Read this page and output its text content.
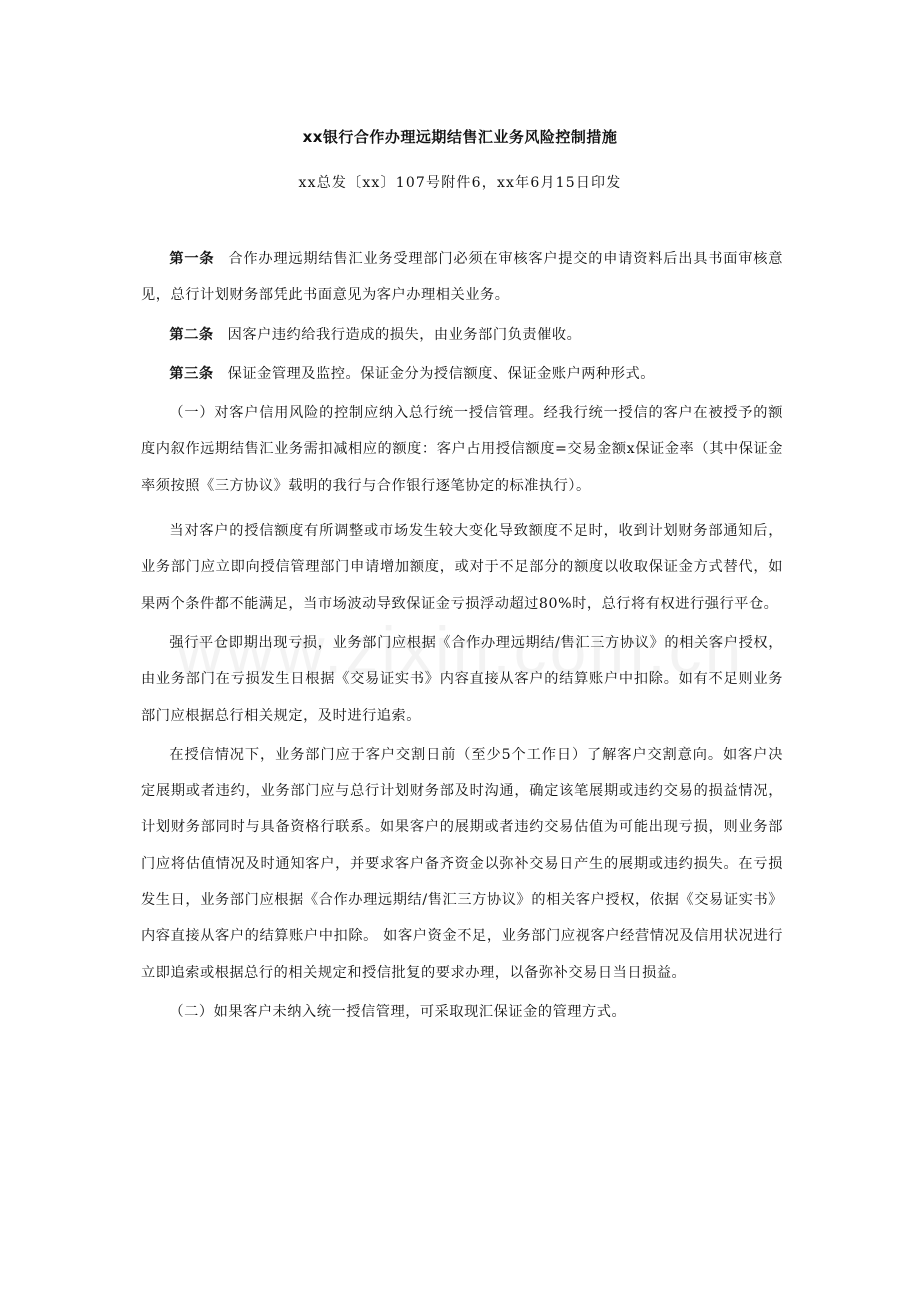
xx银行合作办理远期结售汇业务风险控制措施
xx总发〔xx〕107号附件6，xx年6月15日印发

第一条 合作办理远期结售汇业务受理部门必须在审核客户提交的申请资料后出具书面审核意见，总行计划财务部凭此书面意见为客户办理相关业务。

第二条 因客户违约给我行造成的损失，由业务部门负责催收。

第三条 保证金管理及监控。保证金分为授信额度、保证金账户两种形式。

（一）对客户信用风险的控制应纳入总行统一授信管理。经我行统一授信的客户在被授予的额度内叙作远期结售汇业务需扣减相应的额度：客户占用授信额度=交易金额x保证金率（其中保证金率须按照《三方协议》载明的我行与合作银行逐笔协定的标准执行）。

当对客户的授信额度有所调整或市场发生较大变化导致额度不足时，收到计划财务部通知后，业务部门应立即向授信管理部门申请增加额度，或对于不足部分的额度以收取保证金方式替代，如果两个条件都不能满足，当市场波动导致保证金亏损浮动超过80%时，总行将有权进行强行平仓。

强行平仓即期出现亏损，业务部门应根据《合作办理远期结/售汇三方协议》的相关客户授权，由业务部门在亏损发生日根据《交易证实书》内容直接从客户的结算账户中扣除。如有不足则业务部门应根据总行相关规定，及时进行追索。

在授信情况下，业务部门应于客户交割日前（至少5个工作日）了解客户交割意向。如客户决定展期或者违约，业务部门应与总行计划财务部及时沟通，确定该笔展期或违约交易的损益情况，计划财务部同时与具备资格行联系。如果客户的展期或者违约交易估值为可能出现亏损，则业务部门应将估值情况及时通知客户，并要求客户备齐资金以弥补交易日产生的展期或违约损失。在亏损发生日，业务部门应根据《合作办理远期结/售汇三方协议》的相关客户授权，依据《交易证实书》内容直接从客户的结算账户中扣除。 如客户资金不足，业务部门应视客户经营情况及信用状况进行立即追索或根据总行的相关规定和授信批复的要求办理，以备弥补交易日当日损益。

（二）如果客户未纳入统一授信管理，可采取现汇保证金的管理方式。
